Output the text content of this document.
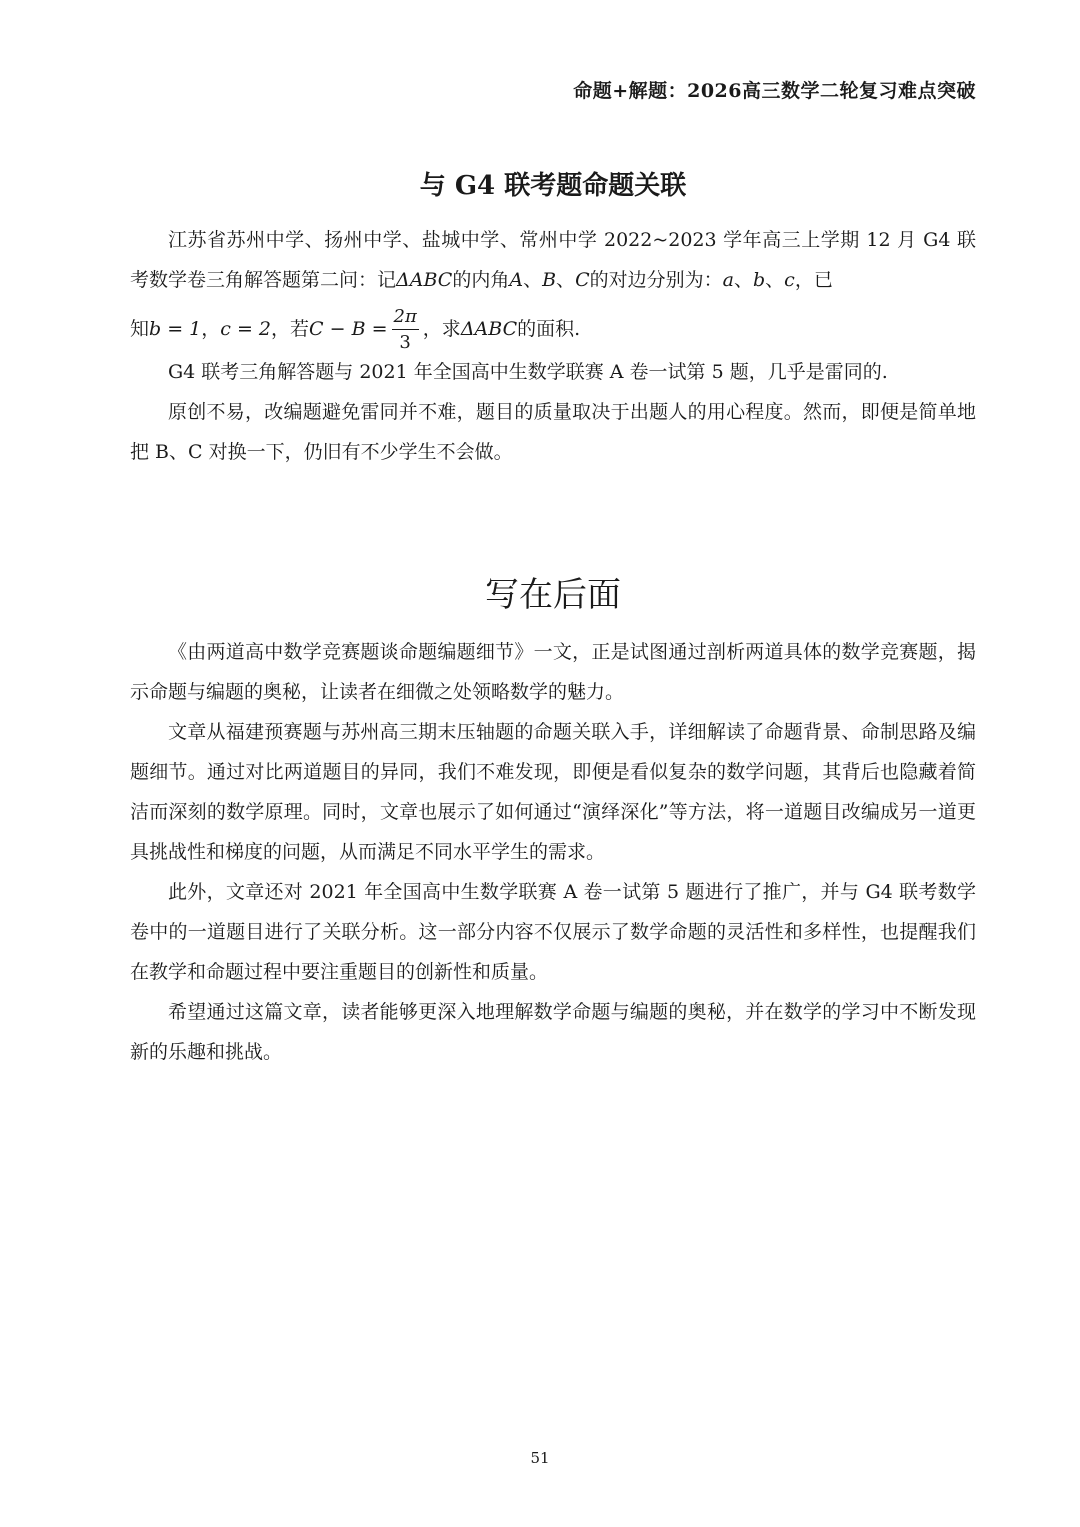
命题+解题：2026高三数学二轮复习难点突破
与 G4 联考题命题关联

江苏省苏州中学、扬州中学、盐城中学、常州中学 2022~2023 学年高三上学期 12 月 G4 联考数学卷三角解答题第二问：记ΔABC的内角A、B、C的对边分别为：a、b、c，已
知b = 1，c = 2，若$C - B = \frac{2\pi}{3}$ ，求ΔABC的面积.

G4 联考三角解答题与 2021 年全国高中生数学联赛 A 卷一试第 5 题，几乎是雷同的.

原创不易，改编题避免雷同并不难，题目的质量取决于出题人的用心程度。然而，即便是简单地把 B、C 对换一下，仍旧有不少学生不会做。

写在后面

《由两道高中数学竞赛题谈命题编题细节》一文，正是试图通过剖析两道具体的数学竞赛题，揭示命题与编题的奥秘，让读者在细微之处领略数学的魅力。

文章从福建预赛题与苏州高三期末压轴题的命题关联入手，详细解读了命题背景、命制思路及编题细节。通过对比两道题目的异同，我们不难发现，即便是看似复杂的数学问题，其背后也隐藏着简洁而深刻的数学原理。同时，文章也展示了如何通过“演绎深化”等方法，将一道题目改编成另一道更具挑战性和梯度的问题，从而满足不同水平学生的需求。

此外，文章还对 2021 年全国高中生数学联赛 A 卷一试第 5 题进行了推广，并与 G4 联考数学卷中的一道题目进行了关联分析。这一部分内容不仅展示了数学命题的灵活性和多样性，也提醒我们在教学和命题过程中要注重题目的创新性和质量。

希望通过这篇文章，读者能够更深入地理解数学命题与编题的奥秘，并在数学的学习中不断发现新的乐趣和挑战。

51
